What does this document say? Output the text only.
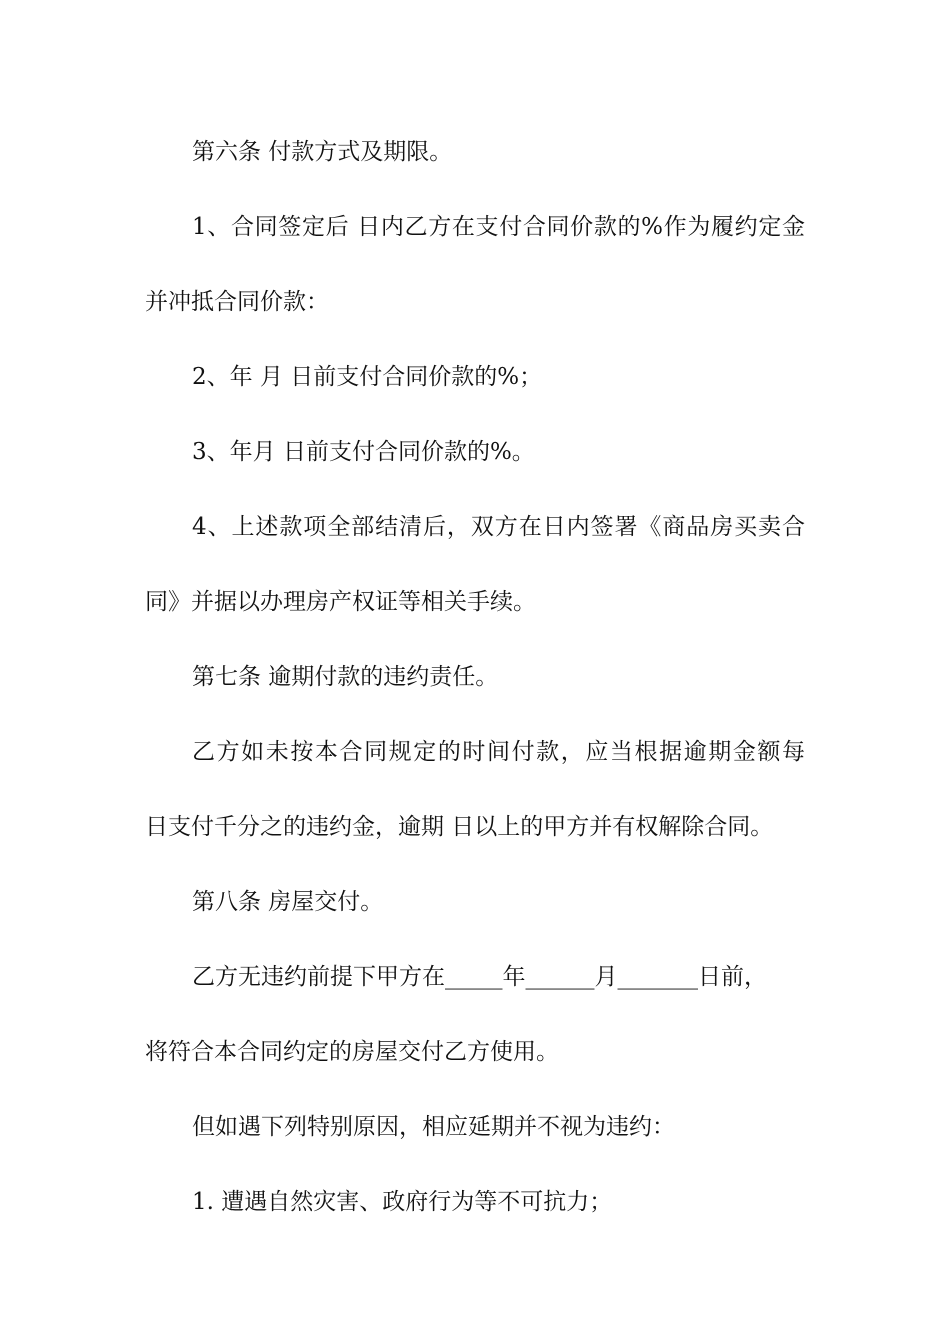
第六条 付款方式及期限。
1、合同签定后 日内乙方在支付合同价款的%作为履约定金
并冲抵合同价款：
2、年 月 日前支付合同价款的%；
3、年月 日前支付合同价款的%。
4、上述款项全部结清后，双方在日内签署《商品房买卖合
同》并据以办理房产权证等相关手续。
第七条 逾期付款的违约责任。
乙方如未按本合同规定的时间付款，应当根据逾期金额每
日支付千分之的违约金，逾期 日以上的甲方并有权解除合同。
第八条 房屋交付。
乙方无违约前提下甲方在_____年______月_______日前，
将符合本合同约定的房屋交付乙方使用。
但如遇下列特别原因，相应延期并不视为违约：
1. 遭遇自然灾害、政府行为等不可抗力；
